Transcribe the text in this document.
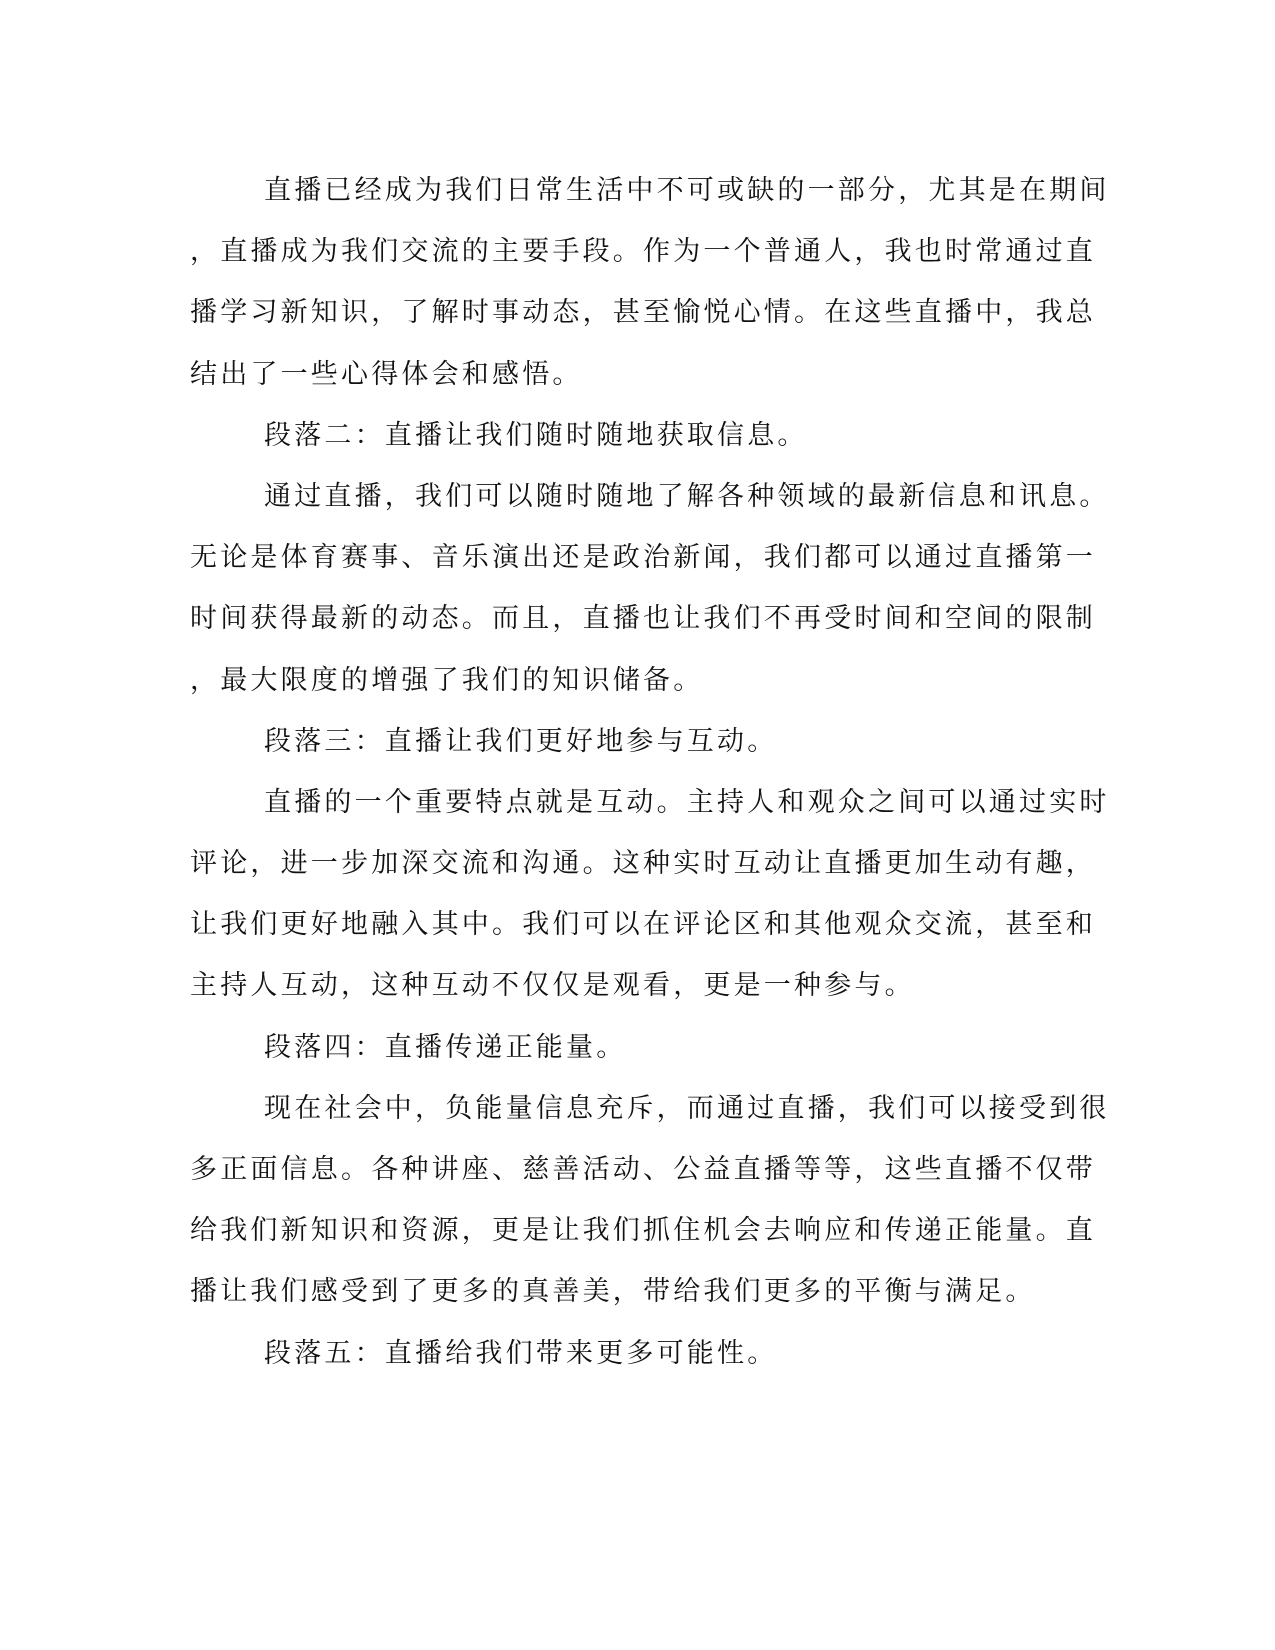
直播已经成为我们日常生活中不可或缺的一部分，尤其是在期间
，直播成为我们交流的主要手段。作为一个普通人，我也时常通过直
播学习新知识，了解时事动态，甚至愉悦心情。在这些直播中，我总
结出了一些心得体会和感悟。
段落二：直播让我们随时随地获取信息。
通过直播，我们可以随时随地了解各种领域的最新信息和讯息。
无论是体育赛事、音乐演出还是政治新闻，我们都可以通过直播第一
时间获得最新的动态。而且，直播也让我们不再受时间和空间的限制
，最大限度的增强了我们的知识储备。
段落三：直播让我们更好地参与互动。
直播的一个重要特点就是互动。主持人和观众之间可以通过实时
评论，进一步加深交流和沟通。这种实时互动让直播更加生动有趣，
让我们更好地融入其中。我们可以在评论区和其他观众交流，甚至和
主持人互动，这种互动不仅仅是观看，更是一种参与。
段落四：直播传递正能量。
现在社会中，负能量信息充斥，而通过直播，我们可以接受到很
多正面信息。各种讲座、慈善活动、公益直播等等，这些直播不仅带
给我们新知识和资源，更是让我们抓住机会去响应和传递正能量。直
播让我们感受到了更多的真善美，带给我们更多的平衡与满足。
段落五：直播给我们带来更多可能性。
